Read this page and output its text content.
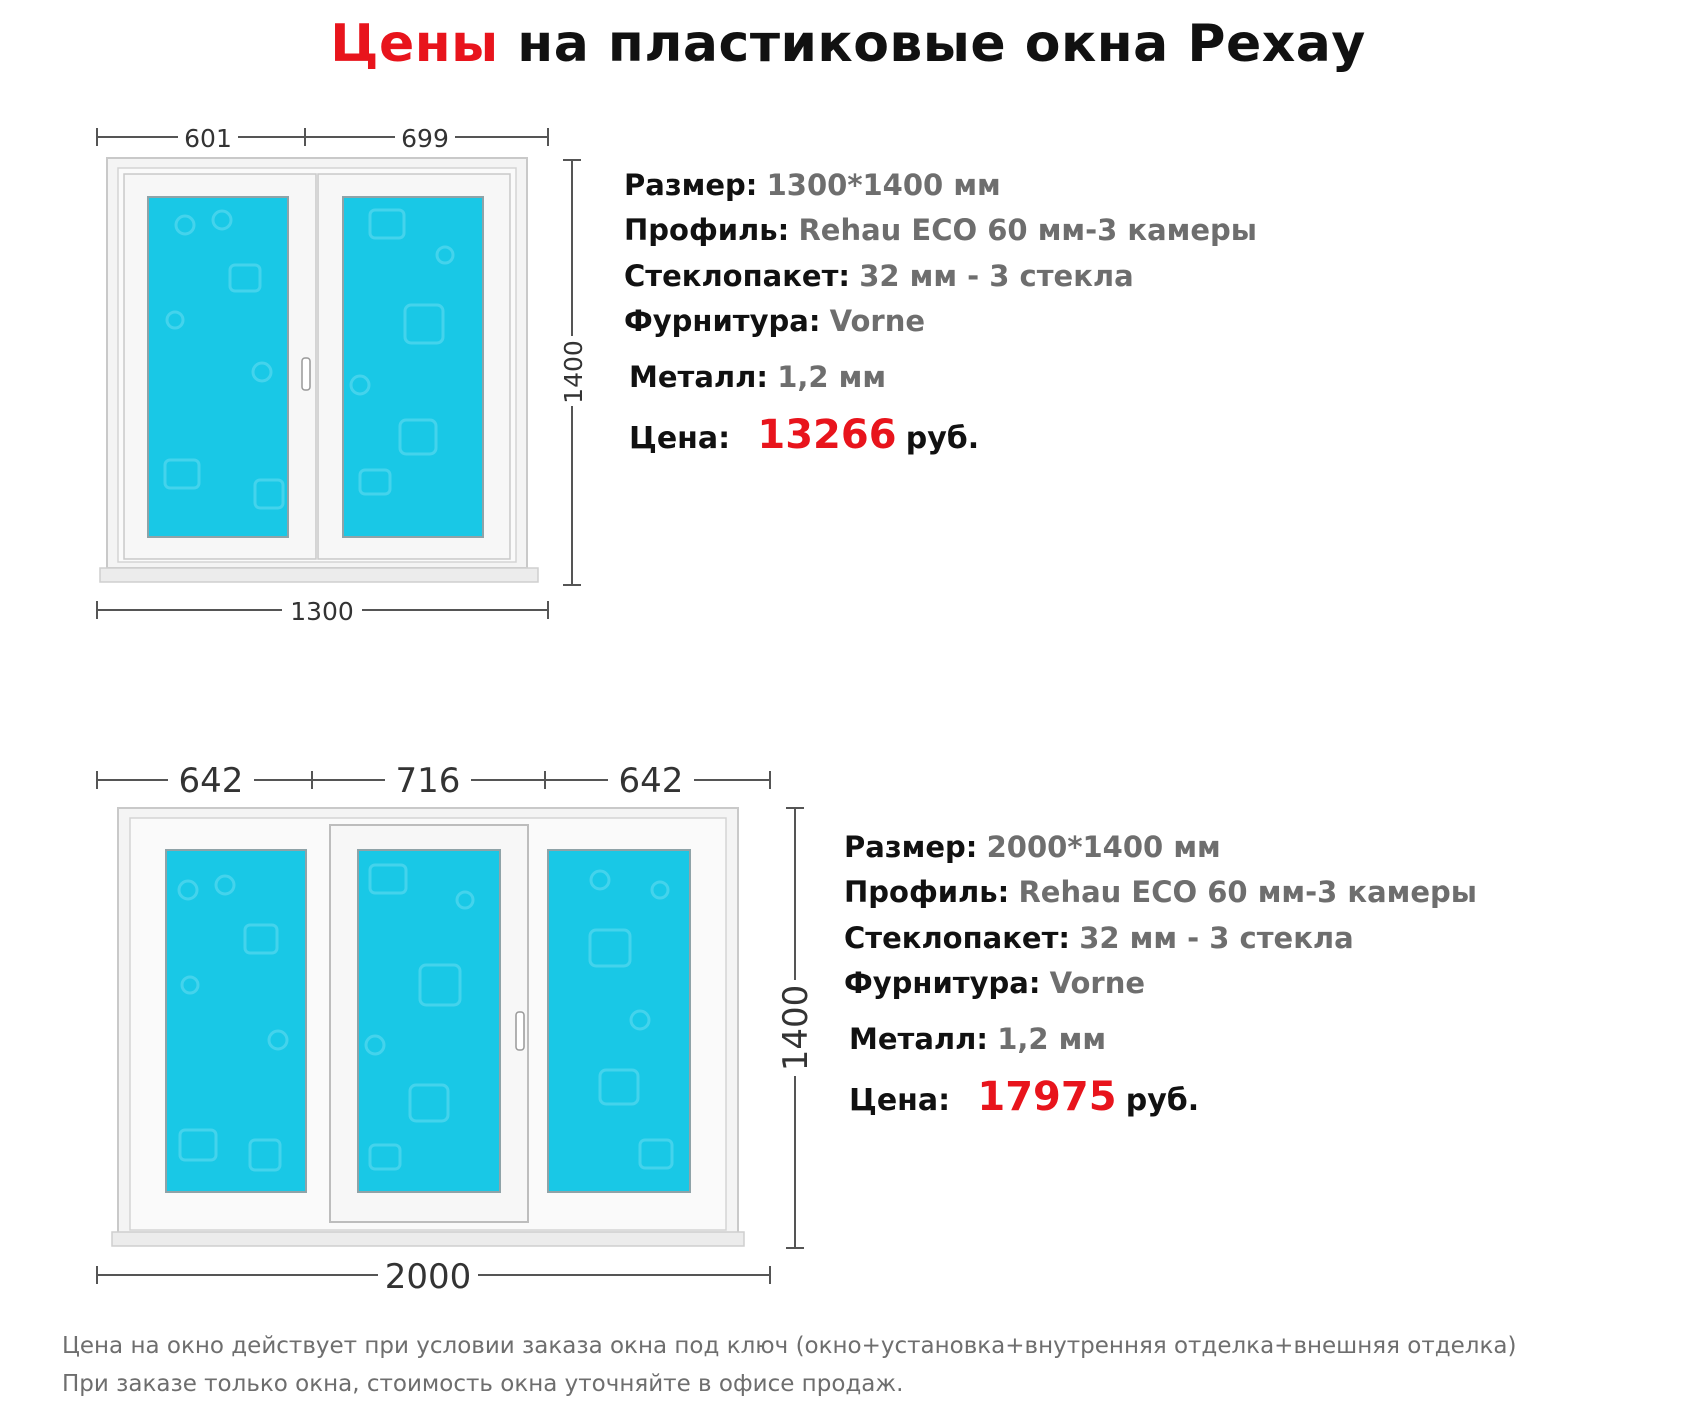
Цены на пластиковые окна Рехау
601	699
1400
1300
Размер: 1300*1400 мм
Профиль: Rehau ECO 60 мм-3 камеры
Стеклопакет: 32 мм - 3 стекла
Фурнитура: Vorne
Металл: 1,2 мм
Цена: 13266 руб.
642	716	642
1400
2000
Размер: 2000*1400 мм
Профиль: Rehau ECO 60 мм-3 камеры
Стеклопакет: 32 мм - 3 стекла
Фурнитура: Vorne
Металл: 1,2 мм
Цена: 17975 руб.
Цена на окно действует при условии заказа окна под ключ (окно+установка+внутренняя отделка+внешняя отделка)
При заказе только окна, стоимость окна уточняйте в офисе продаж.
